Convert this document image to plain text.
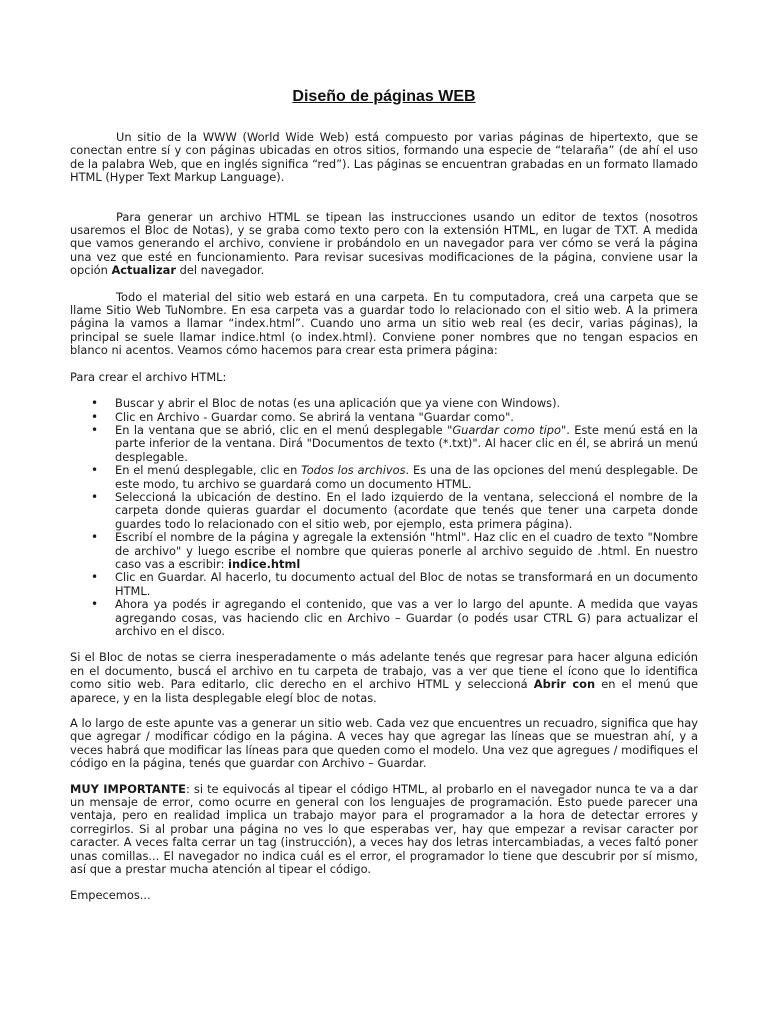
Diseño de páginas WEB

Un sitio de la WWW (World Wide Web) está compuesto por varias páginas de hipertexto, que se conectan entre sí y con páginas ubicadas en otros sitios, formando una especie de “telaraña” (de ahí el uso de la palabra Web, que en inglés significa “red”). Las páginas se encuentran grabadas en un formato llamado HTML (Hyper Text Markup Language).

Para generar un archivo HTML se tipean las instrucciones usando un editor de textos (nosotros usaremos el Bloc de Notas), y se graba como texto pero con la extensión HTML, en lugar de TXT. A medida que vamos generando el archivo, conviene ir probándolo en un navegador para ver cómo se verá la página una vez que esté en funcionamiento. Para revisar sucesivas modificaciones de la página, conviene usar la opción Actualizar del navegador.

Todo el material del sitio web estará en una carpeta. En tu computadora, creá una carpeta que se llame Sitio Web TuNombre. En esa carpeta vas a guardar todo lo relacionado con el sitio web. A la primera página la vamos a llamar “index.html”. Cuando uno arma un sitio web real (es decir, varias páginas), la principal se suele llamar indice.html (o index.html). Conviene poner nombres que no tengan espacios en blanco ni acentos. Veamos cómo hacemos para crear esta primera página:

Para crear el archivo HTML:

• Buscar y abrir el Bloc de notas (es una aplicación que ya viene con Windows).
• Clic en Archivo - Guardar como. Se abrirá la ventana "Guardar como".
• En la ventana que se abrió, clic en el menú desplegable "Guardar como tipo". Este menú está en la parte inferior de la ventana. Dirá "Documentos de texto (*.txt)". Al hacer clic en él, se abrirá un menú desplegable.
• En el menú desplegable, clic en Todos los archivos. Es una de las opciones del menú desplegable. De este modo, tu archivo se guardará como un documento HTML.
• Seleccioná la ubicación de destino. En el lado izquierdo de la ventana, seleccioná el nombre de la carpeta donde quieras guardar el documento (acordate que tenés que tener una carpeta donde guardes todo lo relacionado con el sitio web, por ejemplo, esta primera página).
• Escribí el nombre de la página y agregale la extensión "html". Haz clic en el cuadro de texto "Nombre de archivo" y luego escribe el nombre que quieras ponerle al archivo seguido de .html. En nuestro caso vas a escribir: indice.html
• Clic en Guardar. Al hacerlo, tu documento actual del Bloc de notas se transformará en un documento HTML.
• Ahora ya podés ir agregando el contenido, que vas a ver lo largo del apunte. A medida que vayas agregando cosas, vas haciendo clic en Archivo – Guardar (o podés usar CTRL G) para actualizar el archivo en el disco.

Si el Bloc de notas se cierra inesperadamente o más adelante tenés que regresar para hacer alguna edición en el documento, buscá el archivo en tu carpeta de trabajo, vas a ver que tiene el ícono que lo identifica como sitio web. Para editarlo, clic derecho en el archivo HTML y seleccioná Abrir con en el menú que aparece, y en la lista desplegable elegí bloc de notas.

A lo largo de este apunte vas a generar un sitio web. Cada vez que encuentres un recuadro, significa que hay que agregar / modificar código en la página. A veces hay que agregar las líneas que se muestran ahí, y a veces habrá que modificar las líneas para que queden como el modelo. Una vez que agregues / modifiques el código en la página, tenés que guardar con Archivo – Guardar.

MUY IMPORTANTE: si te equivocás al tipear el código HTML, al probarlo en el navegador nunca te va a dar un mensaje de error, como ocurre en general con los lenguajes de programación. Esto puede parecer una ventaja, pero en realidad implica un trabajo mayor para el programador a la hora de detectar errores y corregirlos. Si al probar una página no ves lo que esperabas ver, hay que empezar a revisar caracter por caracter. A veces falta cerrar un tag (instrucción), a veces hay dos letras intercambiadas, a veces faltó poner unas comillas... El navegador no indica cuál es el error, el programador lo tiene que descubrir por sí mismo, así que a prestar mucha atención al tipear el código.

Empecemos...
